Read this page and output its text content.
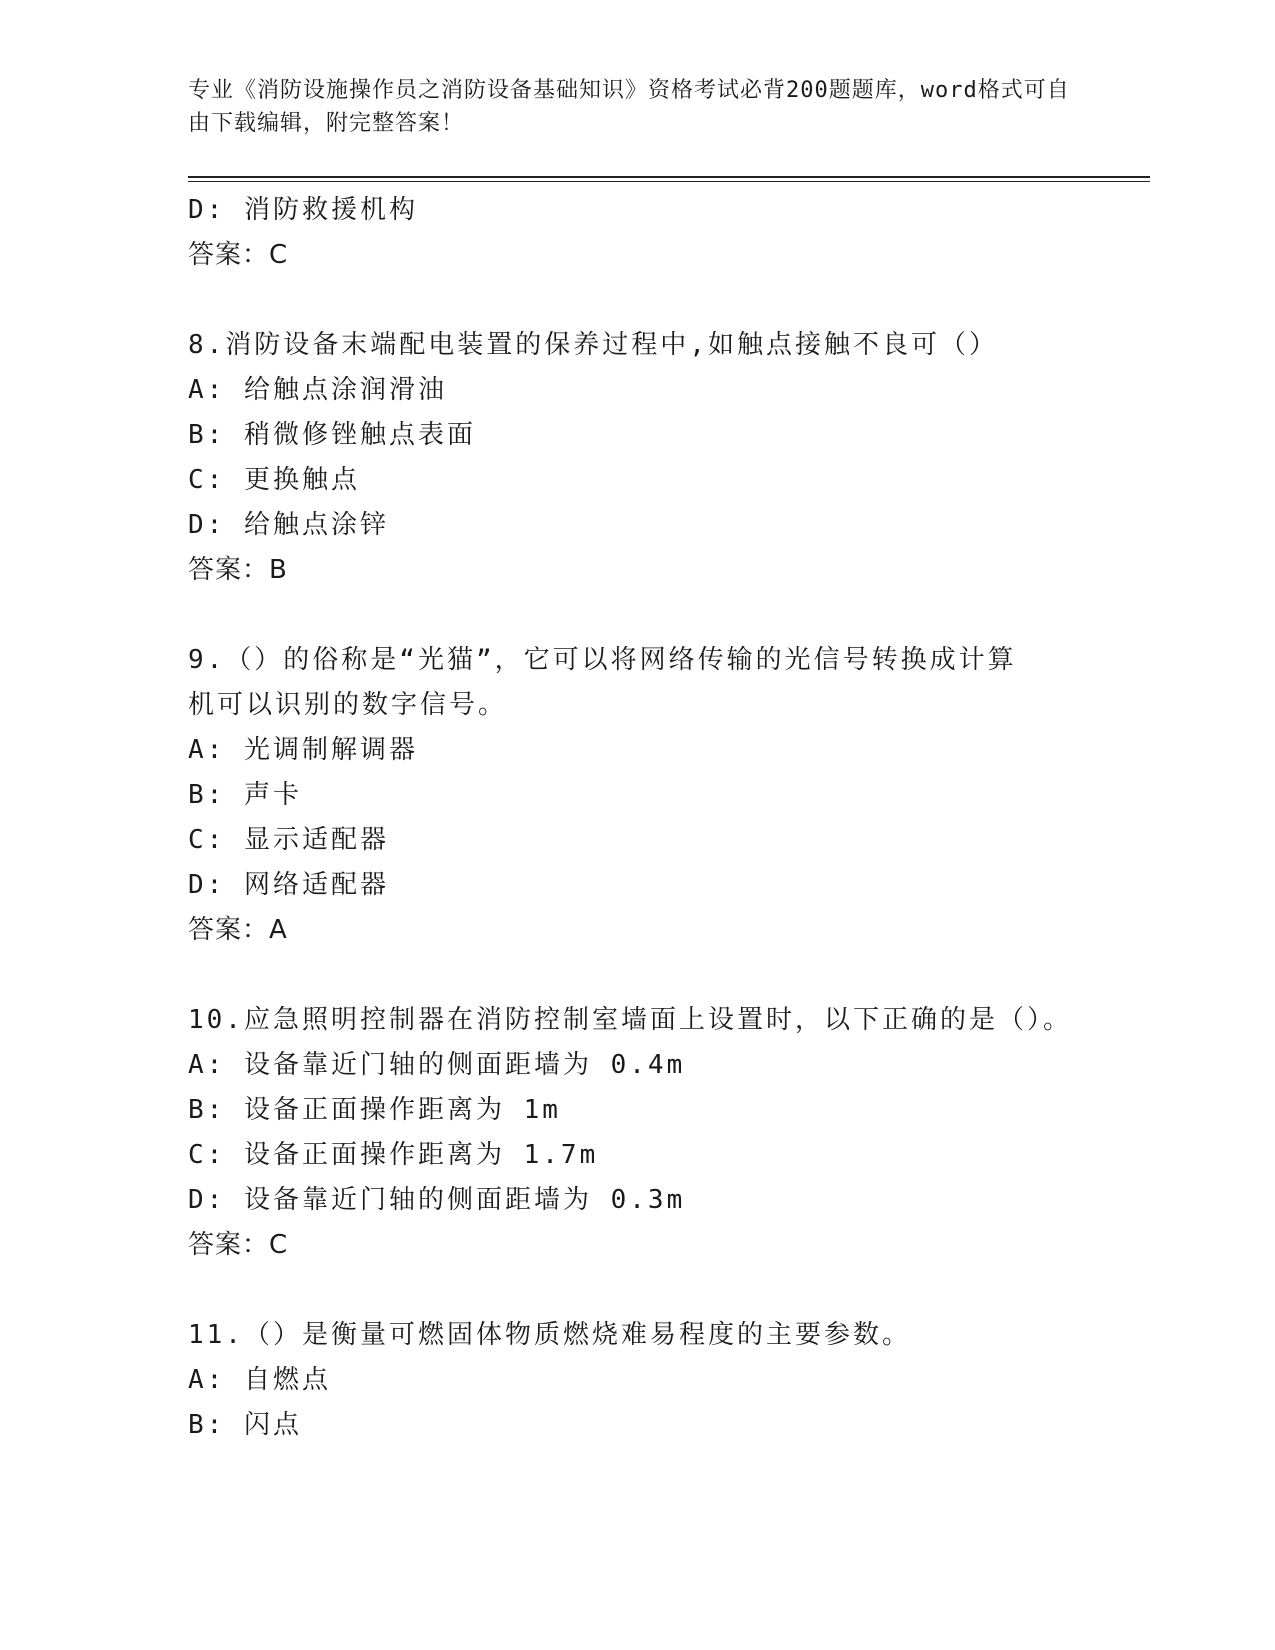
专业《消防设施操作员之消防设备基础知识》资格考试必背200题题库，word格式可自由下载编辑，附完整答案！
D: 消防救援机构
答案：C
8.消防设备末端配电装置的保养过程中,如触点接触不良可（）
A: 给触点涂润滑油
B: 稍微修锉触点表面
C: 更换触点
D: 给触点涂锌
答案：B
9.（）的俗称是“光猫”，它可以将网络传输的光信号转换成计算机可以识别的数字信号。
A: 光调制解调器
B: 声卡
C: 显示适配器
D: 网络适配器
答案：A
10.应急照明控制器在消防控制室墙面上设置时，以下正确的是（）。
A: 设备靠近门轴的侧面距墙为 0.4m
B: 设备正面操作距离为 1m
C: 设备正面操作距离为 1.7m
D: 设备靠近门轴的侧面距墙为 0.3m
答案：C
11.（）是衡量可燃固体物质燃烧难易程度的主要参数。
A: 自燃点
B: 闪点
